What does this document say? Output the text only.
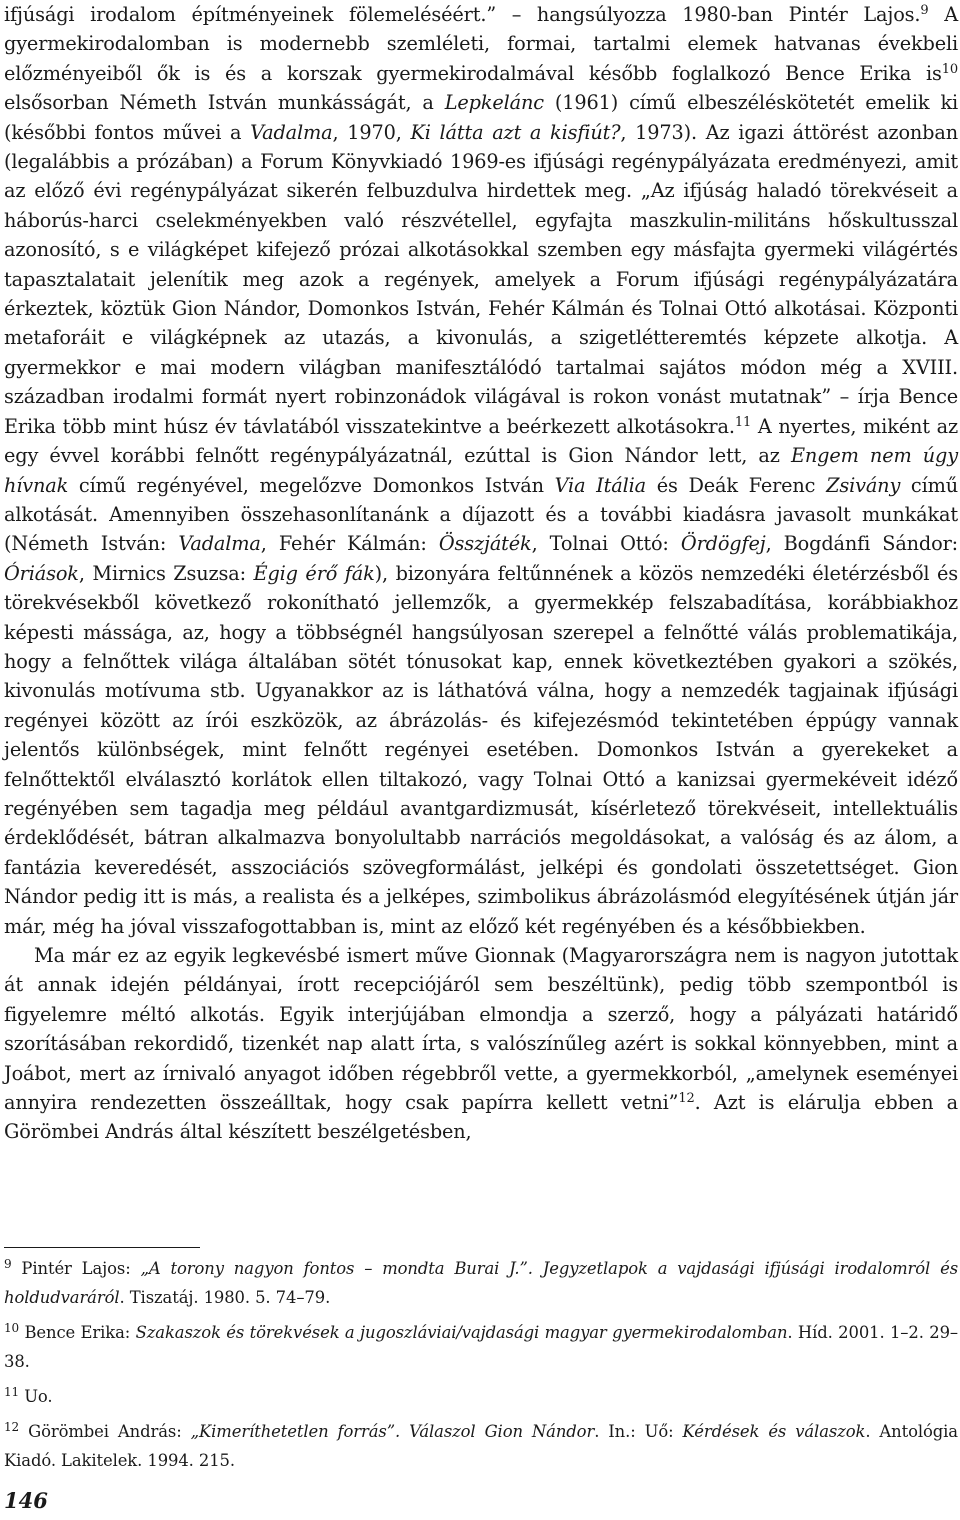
ifjúsági irodalom építményeinek fölemeléséért.” – hangsúlyozza 1980-ban Pintér Lajos.$^9$ A gyermekirodalomban is modernebb szemléleti, formai, tartalmi elemek hatvanas évekbeli előzményeiből ők is és a korszak gyermekirodalmával később foglalkozó Bence Erika $is^{10}$ elsősorban Németh István munkásságát, a Lepkelánc (1961) című elbeszéléskötetét emelik ki (későbbi fontos művei a Vadalma, 1970, Ki látta azt a kisfiút?, 1973). Az igazi áttörést azonban (legalábbis a prózában) a Forum Könyvkiadó 1969-es ifjúsági regénypályázata eredményezi, amit az előző évi regénypályázat sikerén felbuzdulva hirdettek meg. „Az ifjúság haladó törekvéseit a háborús-harci cselekményekben való részvétellel, egyfajta maszkulin-militáns hőskultusszal azonosító, s e világképet kifejező prózai alkotásokkal szemben egy másfajta gyermeki világértés tapasztalatait jelenítik meg azok a regények, amelyek a Forum ifjúsági regénypályázatára érkeztek, köztük Gion Nándor, Domonkos István, Fehér Kálmán és Tolnai Ottó alkotásai. Központi metaforáit e világképnek az utazás, a kivonulás, a szigetlétteremtés képzete alkotja. A gyermekkor e mai modern világban manifesztálódó tartalmai sajátos módon még a XVIII. században irodalmi formát nyert robinzonádok világával is rokon vonást mutatnak” – írja Bence Erika több mint húsz év távlatából visszatekintve a beérkezett alkotásokra.$^{11}$ A nyertes, miként az egy évvel korábbi felnőtt regénypályázatnál, ezúttal is Gion Nándor lett, az Engem nem úgy hívnak című regényével, megelőzve Domonkos István Via Itália és Deák Ferenc Zsivány című alkotását. Amennyiben összehasonlítanánk a díjazott és a további kiadásra javasolt munkákat (Németh István: Vadalma, Fehér Kálmán: Összjáték, Tolnai Ottó: Ördögfej, Bogdánfi Sándor: Óriások, Mirnics Zsuzsa: Égig érő fák), bizonyára feltűnnének a közös nemzedéki életérzésből és törekvésekből következő rokonítható jellemzők, a gyermekkép felszabadítása, korábbiakhoz képesti mássága, az, hogy a többségnél hangsúlyosan szerepel a felnőtté válás problematikája, hogy a felnőttek világa általában sötét tónusokat kap, ennek következtében gyakori a szökés, kivonulás motívuma stb. Ugyanakkor az is láthatóvá válna, hogy a nemzedék tagjainak ifjúsági regényei között az írói eszközök, az ábrázolás- és kifejezésmód tekintetében éppúgy vannak jelentős különbségek, mint felnőtt regényei esetében. Domonkos István a gyerekeket a felnőttektől elválasztó korlátok ellen tiltakozó, vagy Tolnai Ottó a kanizsai gyermekéveit idéző regényében sem tagadja meg például avantgardizmusát, kísérletező törekvéseit, intellektuális érdeklődését, bátran alkalmazva bonyolultabb narrációs megoldásokat, a valóság és az álom, a fantázia keveredését, asszociációs szövegformálást, jelképi és gondolati összetettséget. Gion Nándor pedig itt is más, a realista és a jelképes, szimbolikus ábrázolásmód elegyítésének útján jár már, még ha jóval visszafogottabban is, mint az előző két regényében és a későbbiekben.

Ma már ez az egyik legkevésbé ismert műve Gionnak (Magyarországra nem is nagyon jutottak át annak idején példányai, írott recepciójáról sem beszéltünk), pedig több szempontból is figyelemre méltó alkotás. Egyik interjújában elmondja a szerző, hogy a pályázati határidő szorításában rekordidő, tizenkét nap alatt írta, s valószínűleg azért is sokkal könnyebben, mint a Joábot, mert az írnivaló anyagot időben régebbről vette, a gyermekkorból, „amelynek eseményei annyira rendezetten összeálltak, hogy csak papírra kellett vetni”$^{12}$. Azt is elárulja ebben a Görömbei András által készített beszélgetésben,

$^9$ Pintér Lajos: „A torony nagyon fontos – mondta Burai J.”. Jegyzetlapok a vajdasági ifjúsági irodalomról és holdudvaráról. Tiszatáj. 1980. 5. 74–79.

$^{10}$ Bence Erika: Szakaszok és törekvések a jugoszláviai/vajdasági magyar gyermekirodalomban. Híd. 2001. 1–2. 29–38.

$^{11}$ Uo.

$^{12}$ Görömbei András: „Kimeríthetetlen forrás”. Válaszol Gion Nándor. In.: Uő: Kérdések és válaszok. Antológia Kiadó. Lakitelek. 1994. 215.

146
